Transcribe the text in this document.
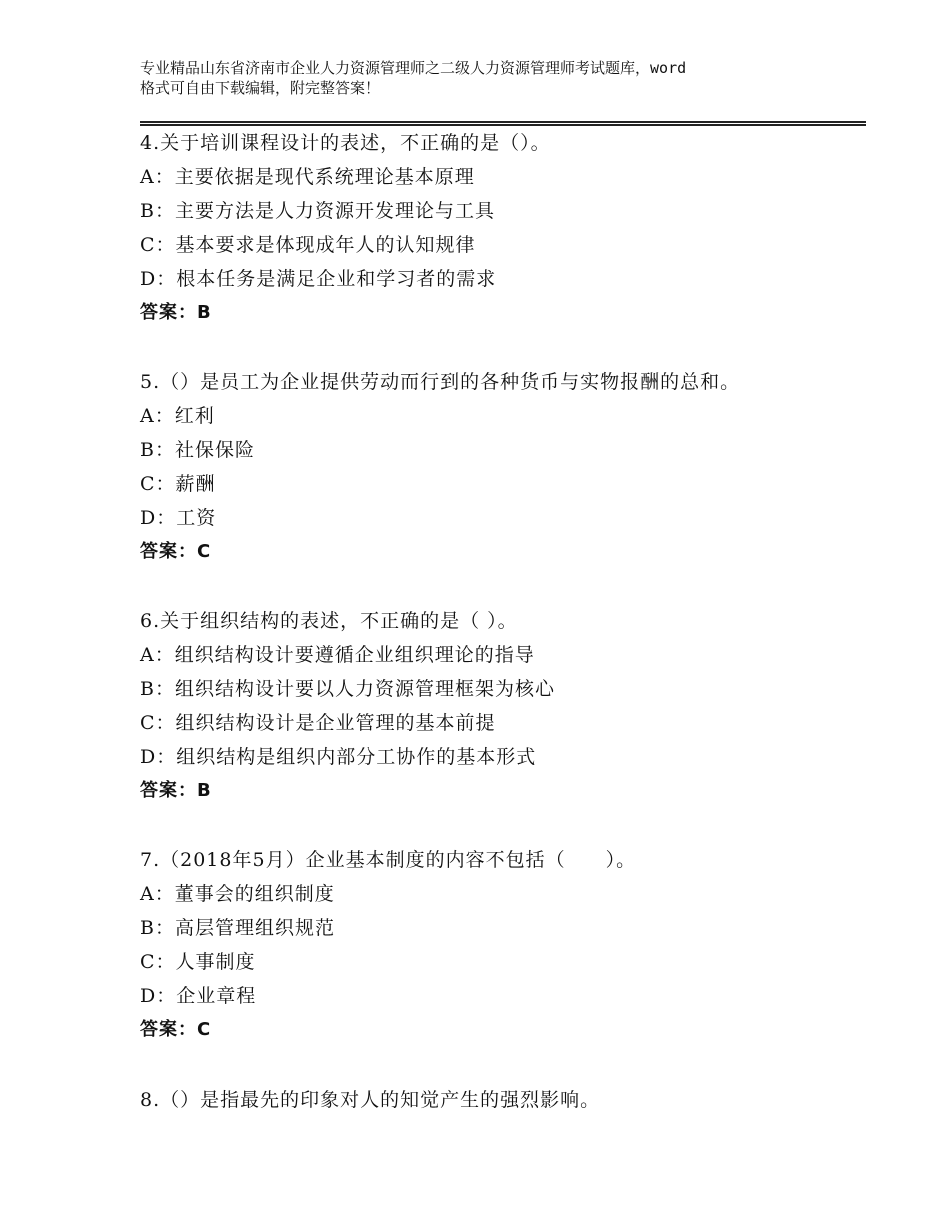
专业精品山东省济南市企业人力资源管理师之二级人力资源管理师考试题库，word
格式可自由下载编辑，附完整答案！
4.关于培训课程设计的表述，不正确的是（）。
A：主要依据是现代系统理论基本原理
B：主要方法是人力资源开发理论与工具
C：基本要求是体现成年人的认知规律
D：根本任务是满足企业和学习者的需求
答案：B
5.（）是员工为企业提供劳动而行到的各种货币与实物报酬的总和。
A：红利
B：社保保险
C：薪酬
D：工资
答案：C
6.关于组织结构的表述，不正确的是（ ）。
A：组织结构设计要遵循企业组织理论的指导
B：组织结构设计要以人力资源管理框架为核心
C：组织结构设计是企业管理的基本前提
D：组织结构是组织内部分工协作的基本形式
答案：B
7.（2018年5月）企业基本制度的内容不包括（　　）。
A：董事会的组织制度
B：高层管理组织规范
C：人事制度
D：企业章程
答案：C
8.（）是指最先的印象对人的知觉产生的强烈影响。
